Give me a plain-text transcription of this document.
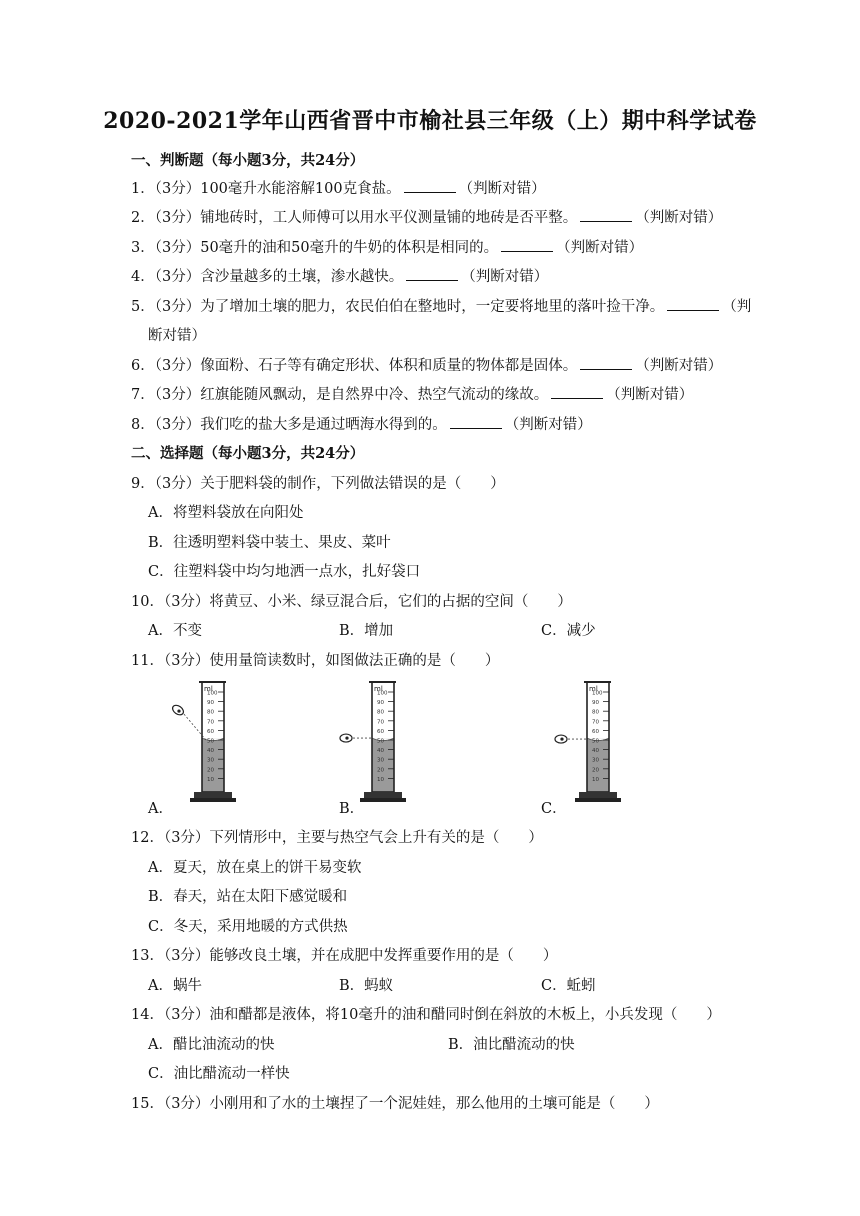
2020-2021学年山西省晋中市榆社县三年级（上）期中科学试卷
一、判断题（每小题3分，共24分）
1．（3分）100毫升水能溶解100克食盐。	（判断对错）
2．（3分）铺地砖时，工人师傅可以用水平仪测量铺的地砖是否平整。	（判断对错）
3．（3分）50毫升的油和50毫升的牛奶的体积是相同的。	（判断对错）
4．（3分）含沙量越多的土壤，渗水越快。	（判断对错）
5．（3分）为了增加土壤的肥力，农民伯伯在整地时，一定要将地里的落叶捡干净。	（判
断对错）
6．（3分）像面粉、石子等有确定形状、体积和质量的物体都是固体。	（判断对错）
7．（3分）红旗能随风飘动，是自然界中冷、热空气流动的缘故。	（判断对错）
8．（3分）我们吃的盐大多是通过晒海水得到的。	（判断对错）
二、选择题（每小题3分，共24分）
9．（3分）关于肥料袋的制作，下列做法错误的是（　　）
A．将塑料袋放在向阳处
B．往透明塑料袋中装土、果皮、菜叶
C．往塑料袋中均匀地洒一点水，扎好袋口
10．（3分）将黄豆、小米、绿豆混合后，它们的占据的空间（　　）
A．不变	B．增加	C．减少
11．（3分）使用量筒读数时，如图做法正确的是（　　）
ml
100
90
80
70
60
50
40
30
20
10
ml
100
90
80
70
60
50
40
30
20
10
ml
100
90
80
70
60
50
40
30
20
10
A．	B．	C．
12．（3分）下列情形中，主要与热空气会上升有关的是（　　）
A．夏天，放在桌上的饼干易变软
B．春天，站在太阳下感觉暖和
C．冬天，采用地暖的方式供热
13．（3分）能够改良土壤，并在成肥中发挥重要作用的是（　　）
A．蜗牛	B．蚂蚁	C．蚯蚓
14．（3分）油和醋都是液体，将10毫升的油和醋同时倒在斜放的木板上，小兵发现（　　）
A．醋比油流动的快	B．油比醋流动的快
C．油比醋流动一样快
15．（3分）小刚用和了水的土壤捏了一个泥娃娃，那么他用的土壤可能是（　　）
